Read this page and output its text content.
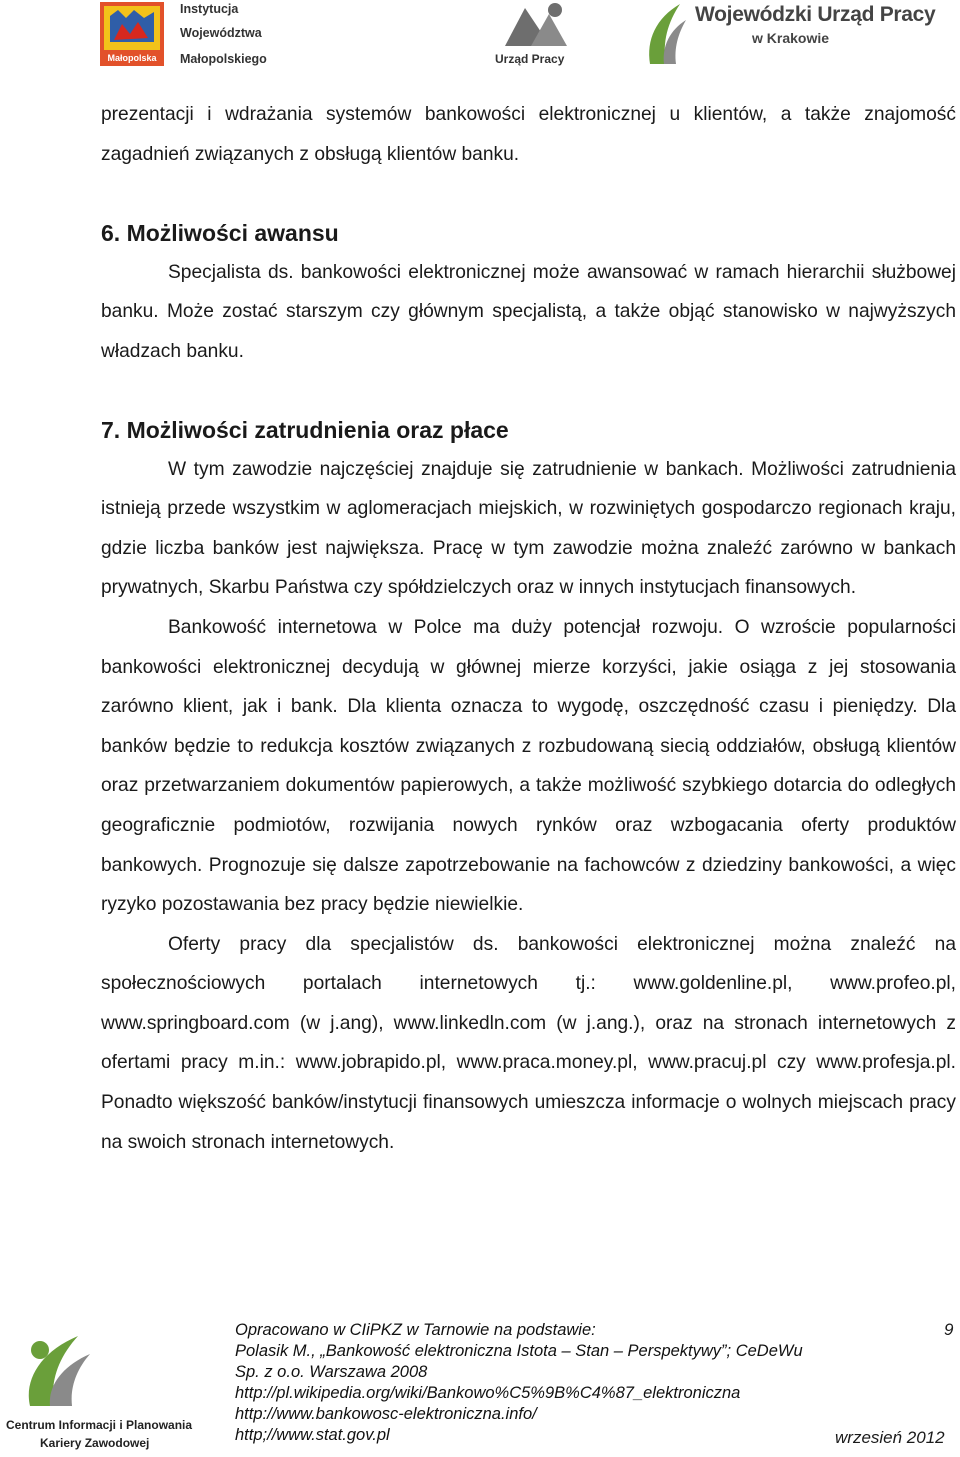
Małopolska
Instytucja
Województwa
Małopolskiego	Urząd Pracy
Wojewódzki Urząd Pracy
w Krakowie

prezentacji i wdrażania systemów bankowości elektronicznej u klientów, a także znajomość zagadnień związanych z obsługą klientów banku.

6. Możliwości awansu

Specjalista ds. bankowości elektronicznej może awansować w ramach hierarchii służbowej banku. Może zostać starszym czy głównym specjalistą, a także objąć stanowisko w najwyższych władzach banku.

7. Możliwości zatrudnienia oraz płace

W tym zawodzie najczęściej znajduje się zatrudnienie w bankach. Możliwości zatrudnienia istnieją przede wszystkim w aglomeracjach miejskich, w rozwiniętych gospodarczo regionach kraju, gdzie liczba banków jest największa. Pracę w tym zawodzie można znaleźć zarówno w bankach prywatnych, Skarbu Państwa czy spółdzielczych oraz w innych instytucjach finansowych.

Bankowość internetowa w Polce ma duży potencjał rozwoju. O wzroście popularności bankowości elektronicznej decydują w głównej mierze korzyści, jakie osiąga z jej stosowania zarówno klient, jak i bank. Dla klienta oznacza to wygodę, oszczędność czasu i pieniędzy. Dla banków będzie to redukcja kosztów związanych z rozbudowaną siecią oddziałów, obsługą klientów oraz przetwarzaniem dokumentów papierowych, a także możliwość szybkiego dotarcia do odległych geograficznie podmiotów, rozwijania nowych rynków oraz wzbogacania oferty produktów bankowych. Prognozuje się dalsze zapotrzebowanie na fachowców z dziedziny bankowości, a więc ryzyko pozostawania bez pracy będzie niewielkie.

Oferty pracy dla specjalistów ds. bankowości elektronicznej można znaleźć na społecznościowych portalach internetowych tj.: www.goldenline.pl, www.profeo.pl, www.springboard.com (w j.ang), www.linkedln.com (w j.ang.), oraz na stronach internetowych z ofertami pracy m.in.: www.jobrapido.pl, www.praca.money.pl, www.pracuj.pl czy www.profesja.pl. Ponadto większość banków/instytucji finansowych umieszcza informacje o wolnych miejscach pracy na swoich stronach internetowych.

Centrum Informacji i Planowania
Kariery Zawodowej
Opracowano w CIiPKZ w Tarnowie na podstawie:
Polasik M., „Bankowość elektroniczna Istota – Stan – Perspektywy”; CeDeWu
Sp. z o.o. Warszawa 2008
http://pl.wikipedia.org/wiki/Bankowo%C5%9B%C4%87_elektroniczna
http://www.bankowosc-elektroniczna.info/
http;//www.stat.gov.pl
9
wrzesień 2012
